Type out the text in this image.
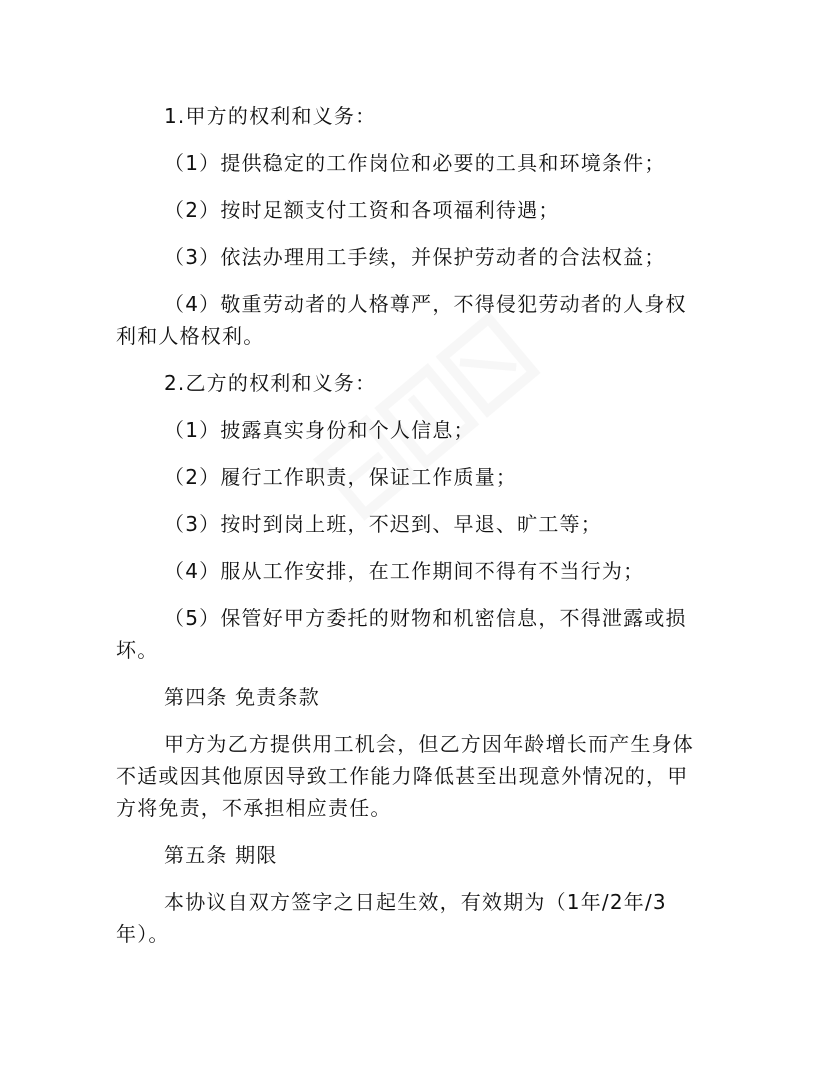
1.甲方的权利和义务：

（1）提供稳定的工作岗位和必要的工具和环境条件；

（2）按时足额支付工资和各项福利待遇；

（3）依法办理用工手续，并保护劳动者的合法权益；

（4）敬重劳动者的人格尊严，不得侵犯劳动者的人身权利和人格权利。

2.乙方的权利和义务：

（1）披露真实身份和个人信息；

（2）履行工作职责，保证工作质量；

（3）按时到岗上班，不迟到、早退、旷工等；

（4）服从工作安排，在工作期间不得有不当行为；

（5）保管好甲方委托的财物和机密信息，不得泄露或损坏。

第四条 免责条款

甲方为乙方提供用工机会，但乙方因年龄增长而产生身体不适或因其他原因导致工作能力降低甚至出现意外情况的，甲方将免责，不承担相应责任。

第五条 期限

本协议自双方签字之日起生效，有效期为（1年/2年/3年）。
